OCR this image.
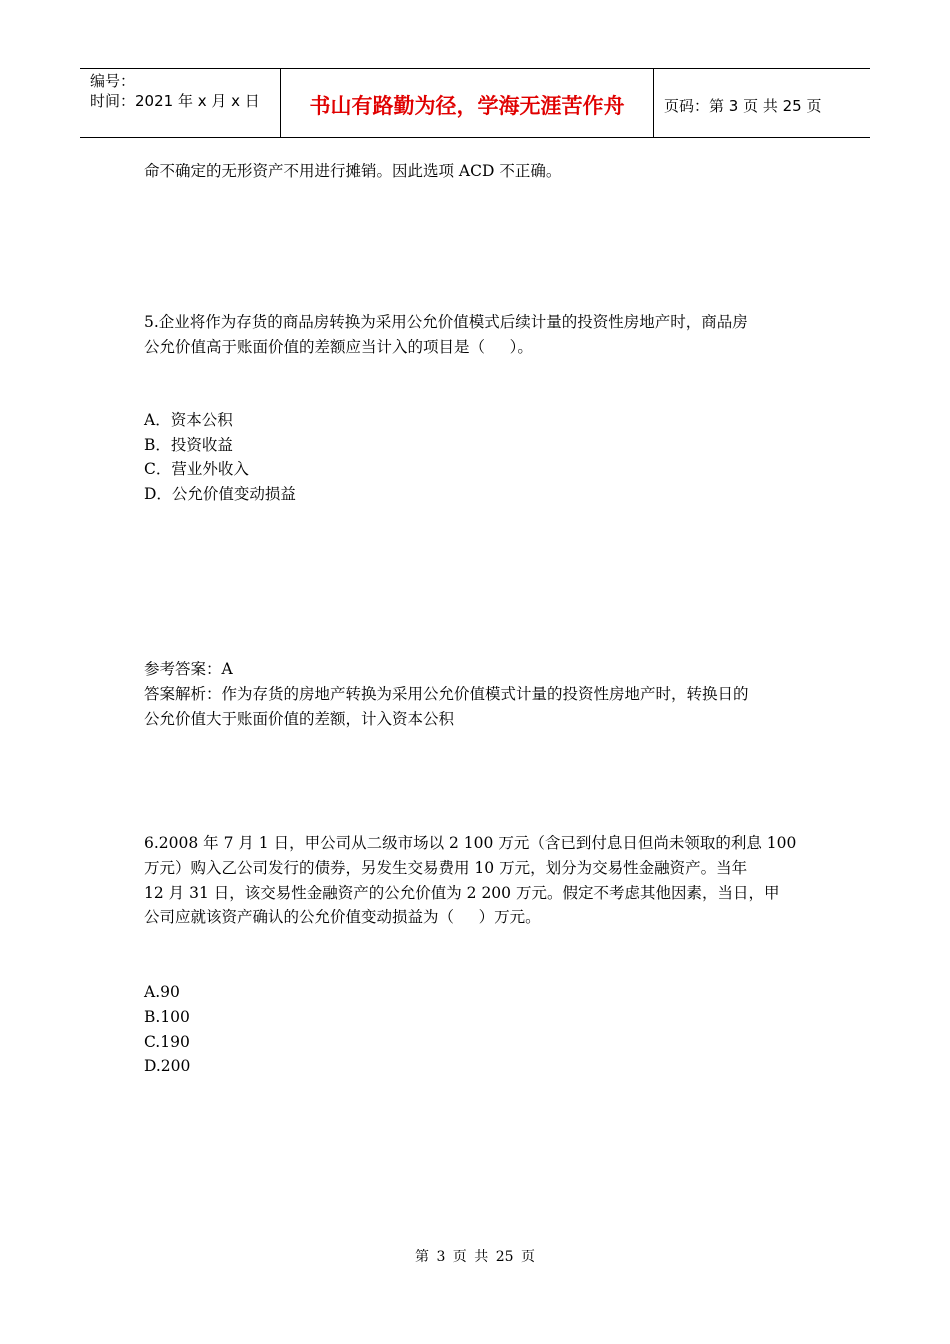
编号：
时间：2021 年 x 月 x 日	书山有路勤为径，学海无涯苦作舟	页码：第 3 页 共 25 页
命不确定的无形资产不用进行摊销。因此选项 ACD 不正确。
5.企业将作为存货的商品房转换为采用公允价值模式后续计量的投资性房地产时，商品房
公允价值高于账面价值的差额应当计入的项目是（     ）。
A．资本公积
B．投资收益
C．营业外收入
D．公允价值变动损益
参考答案：A
答案解析：作为存货的房地产转换为采用公允价值模式计量的投资性房地产时，转换日的
公允价值大于账面价值的差额，计入资本公积
6.2008 年 7 月 1 日，甲公司从二级市场以 2 100 万元（含已到付息日但尚未领取的利息 100
万元）购入乙公司发行的债券，另发生交易费用 10 万元，划分为交易性金融资产。当年
12 月 31 日，该交易性金融资产的公允价值为 2 200 万元。假定不考虑其他因素，当日，甲
公司应就该资产确认的公允价值变动损益为（     ）万元。
A.90
B.100
C.190
D.200
第 3 页 共 25 页
